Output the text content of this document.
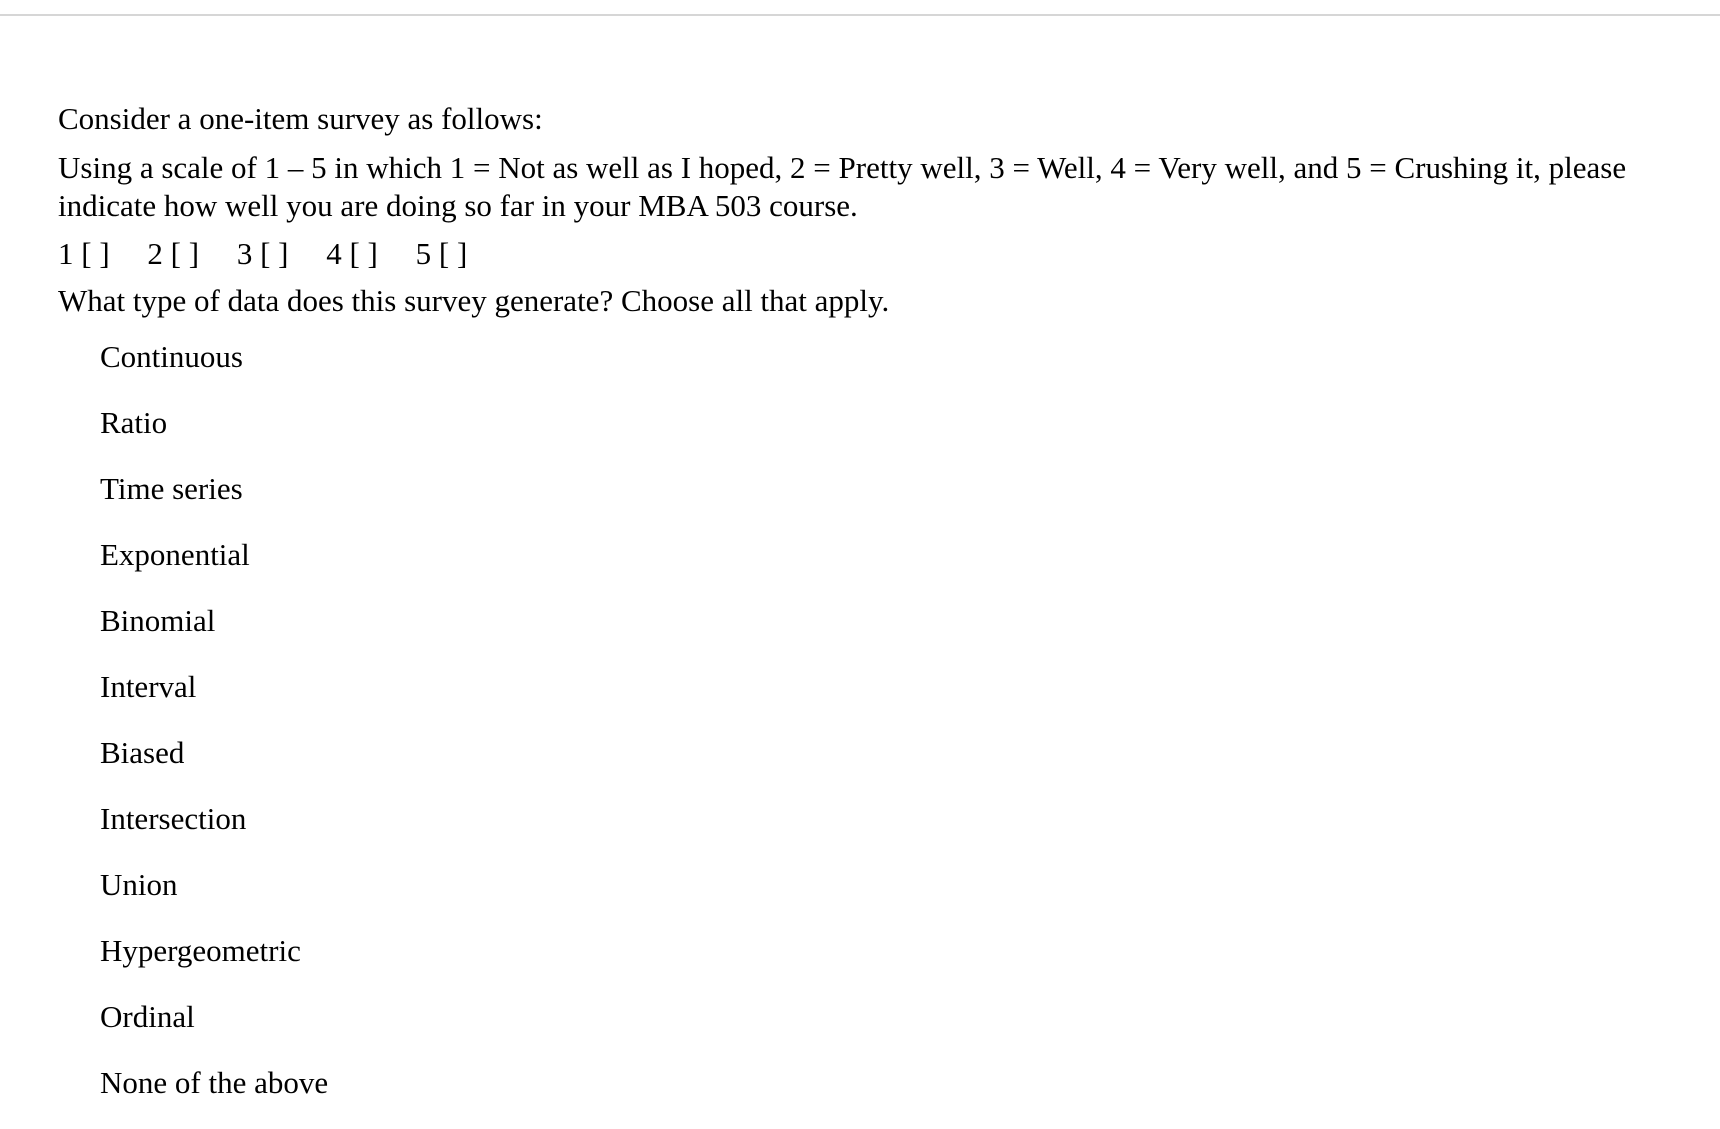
Consider a one-item survey as follows:
Using a scale of 1 – 5 in which 1 = Not as well as I hoped, 2 = Pretty well, 3 = Well, 4 = Very well, and 5 = Crushing it, please indicate how well you are doing so far in your MBA 503 course.
1 [ ] 2 [ ] 3 [ ] 4 [ ] 5 [ ]
What type of data does this survey generate? Choose all that apply.
Continuous
Ratio
Time series
Exponential
Binomial
Interval
Biased
Intersection
Union
Hypergeometric
Ordinal
None of the above
